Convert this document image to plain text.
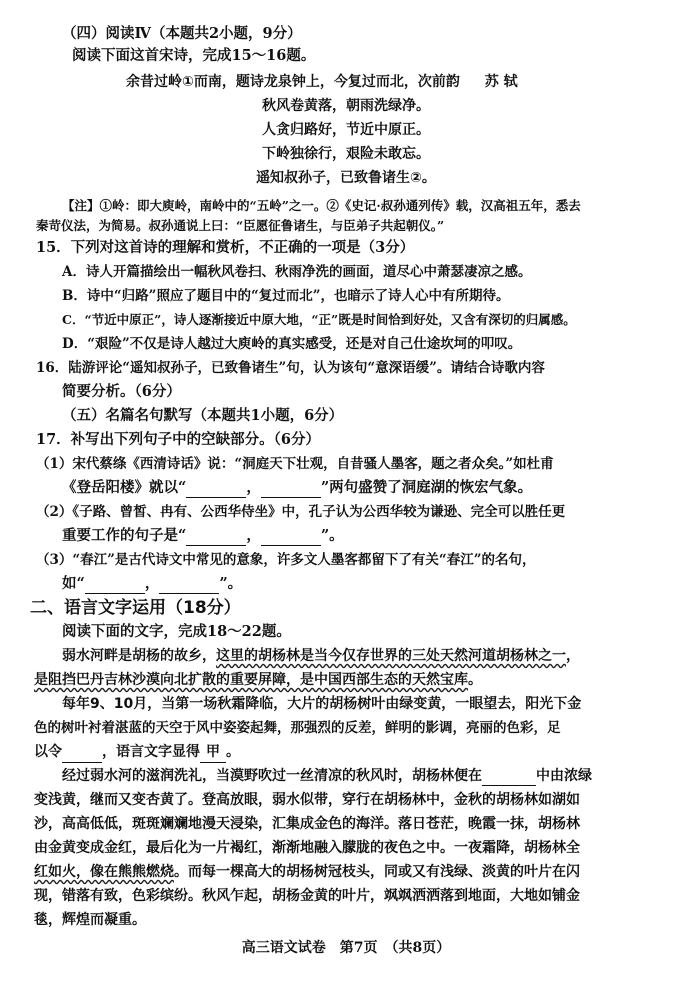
（四）阅读Ⅳ（本题共2小题，9分）
阅读下面这首宋诗，完成15～16题。
余昔过岭①而南，题诗龙泉钟上，今复过而北，次前韵 苏 轼
秋风卷黄落，朝雨洗绿净。
人贪归路好，节近中原正。
下岭独徐行，艰险未敢忘。
遥知叔孙子，已致鲁诸生②。
【注】①岭：即大庾岭，南岭中的“五岭”之一。②《史记·叔孙通列传》载，汉高祖五年，悉去
秦苛仪法，为简易。叔孙通说上曰：“臣愿征鲁诸生，与臣弟子共起朝仪。”
15．下列对这首诗的理解和赏析，不正确的一项是（3分）
A．诗人开篇描绘出一幅秋风卷扫、秋雨净洗的画面，道尽心中萧瑟凄凉之感。
B．诗中“归路”照应了题目中的“复过而北”，也暗示了诗人心中有所期待。
C．“节近中原正”，诗人逐渐接近中原大地，“正”既是时间恰到好处，又含有深切的归属感。
D．“艰险”不仅是诗人越过大庾岭的真实感受，还是对自己仕途坎坷的叩叹。
16．陆游评论“遥知叔孙子，已致鲁诸生”句，认为该句“意深语缓”。请结合诗歌内容
简要分析。（6分）
（五）名篇名句默写（本题共1小题，6分）
17．补写出下列句子中的空缺部分。（6分）
（1）宋代蔡绦《西清诗话》说：“洞庭天下壮观，自昔骚人墨客，题之者众矣。”如杜甫
《登岳阳楼》就以“	，	”两句盛赞了洞庭湖的恢宏气象。
（2）《子路、曾皙、冉有、公西华侍坐》中，孔子认为公西华较为谦逊、完全可以胜任更
重要工作的句子是“	，	”。
（3）“春江”是古代诗文中常见的意象，许多文人墨客都留下了有关“春江”的名句，
如“	，	”。
二、语言文字运用（18分）
阅读下面的文字，完成18～22题。
弱水河畔是胡杨的故乡，这里的胡杨林是当今仅存世界的三处天然河道胡杨林之一，
是阻挡巴丹吉林沙漠向北扩散的重要屏障，是中国西部生态的天然宝库。
每年9、10月，当第一场秋霜降临，大片的胡杨树叶由绿变黄，一眼望去，阳光下金
色的树叶衬着湛蓝的天空于风中姿姿起舞，那强烈的反差，鲜明的影调，亮丽的色彩，足
以令	，语言文字显得 甲 。
经过弱水河的滋润洗礼，当漠野吹过一丝清凉的秋风时，胡杨林便在	中由浓绿
变浅黄，继而又变杏黄了。登高放眼，弱水似带，穿行在胡杨林中，金秋的胡杨林如湖如
沙，高高低低，斑斑斓斓地漫天浸染，汇集成金色的海洋。落日苍茫，晚霞一抹，胡杨林
由金黄变成金红，最后化为一片褐红，渐渐地融入朦胧的夜色之中。一夜霜降，胡杨林全
红如火，像在熊熊燃烧。而每一棵高大的胡杨树冠枝头，同或又有浅绿、淡黄的叶片在闪
现，错落有致，色彩缤纷。秋风乍起，胡杨金黄的叶片，飒飒洒洒落到地面，大地如铺金
毯，辉煌而凝重。
高三语文试卷　第7页　（共8页）
